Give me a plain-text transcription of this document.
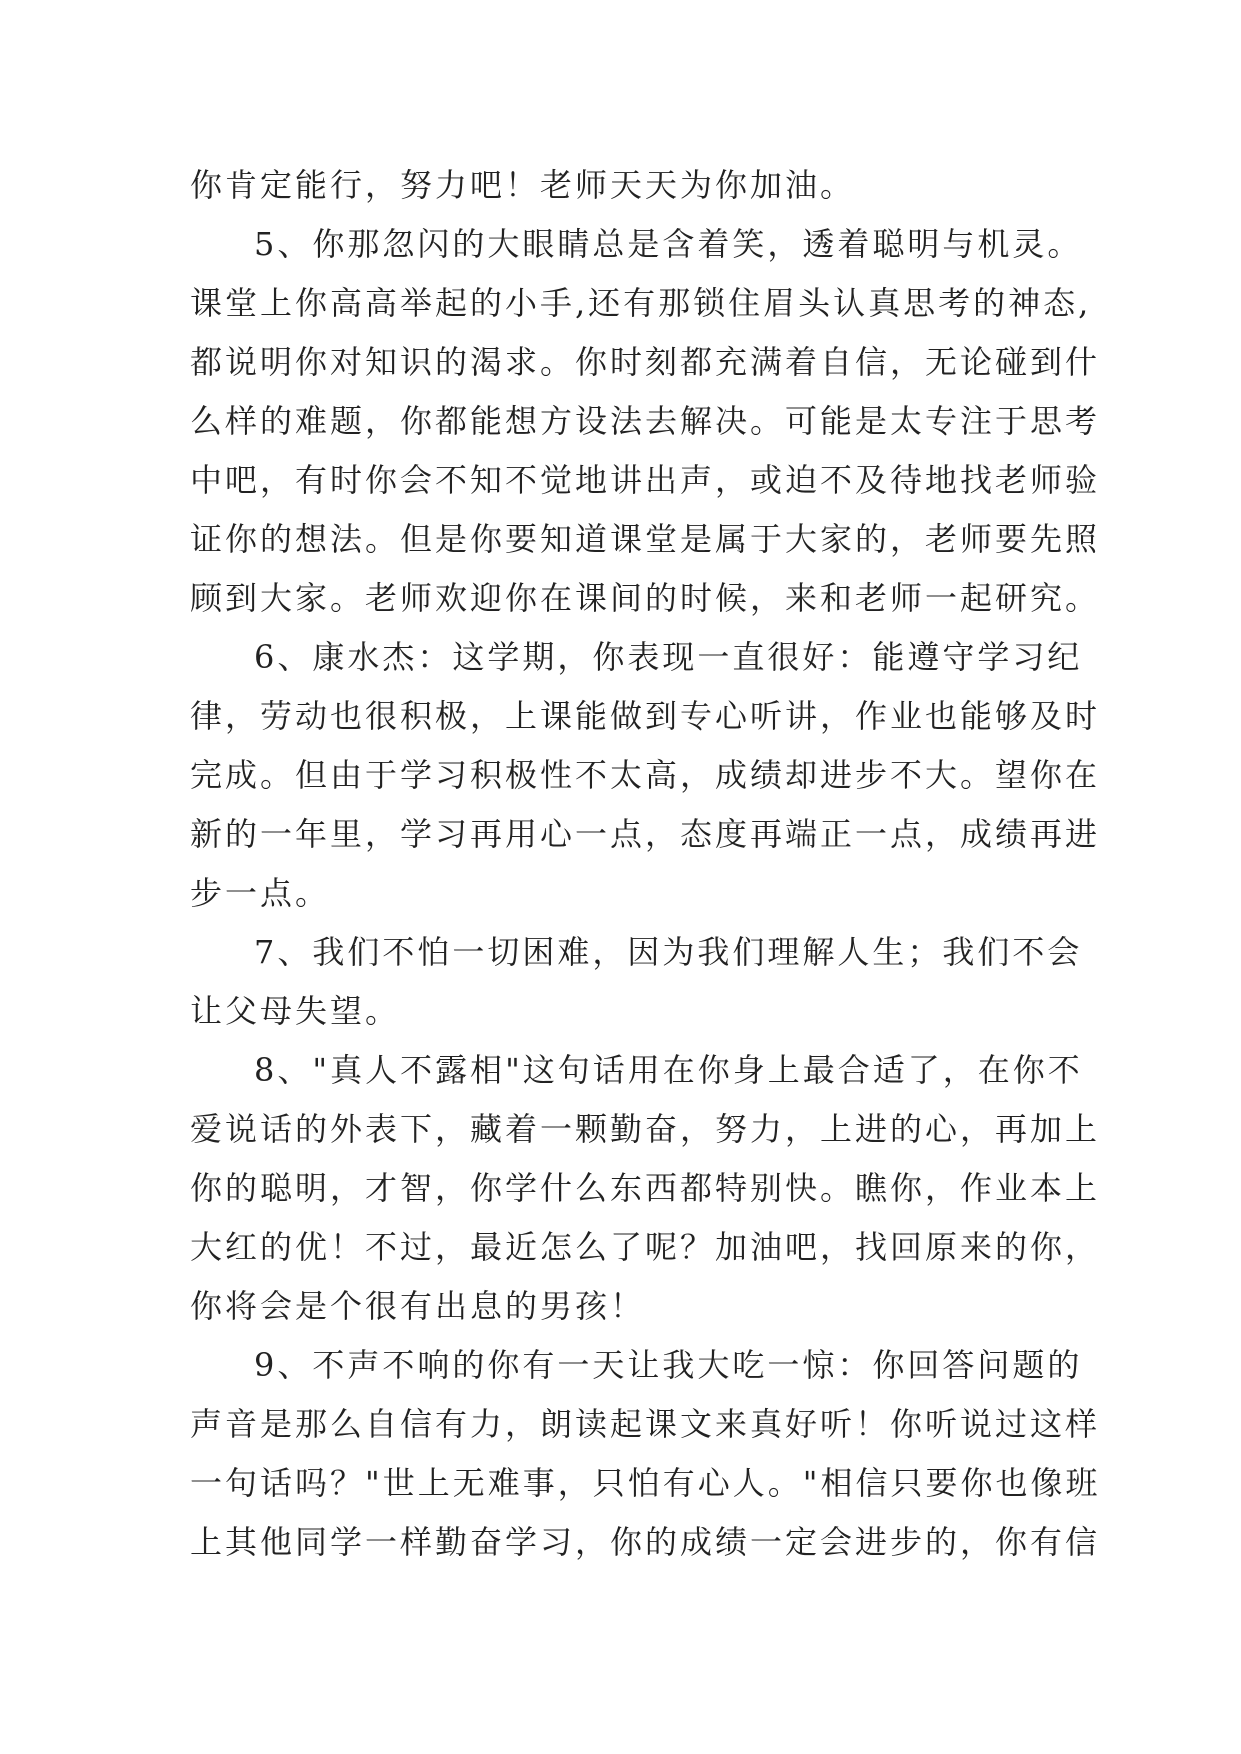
你肯定能行，努力吧！老师天天为你加油。
5、你那忽闪的大眼睛总是含着笑，透着聪明与机灵。
课堂上你高高举起的小手,还有那锁住眉头认真思考的神态,
都说明你对知识的渴求。你时刻都充满着自信，无论碰到什
么样的难题，你都能想方设法去解决。可能是太专注于思考
中吧，有时你会不知不觉地讲出声，或迫不及待地找老师验
证你的想法。但是你要知道课堂是属于大家的，老师要先照
顾到大家。老师欢迎你在课间的时候，来和老师一起研究。
6、康水杰：这学期，你表现一直很好：能遵守学习纪
律，劳动也很积极，上课能做到专心听讲，作业也能够及时
完成。但由于学习积极性不太高，成绩却进步不大。望你在
新的一年里，学习再用心一点，态度再端正一点，成绩再进
步一点。
7、我们不怕一切困难，因为我们理解人生；我们不会
让父母失望。
8、"真人不露相"这句话用在你身上最合适了，在你不
爱说话的外表下，藏着一颗勤奋，努力，上进的心，再加上
你的聪明，才智，你学什么东西都特别快。瞧你，作业本上
大红的优！不过，最近怎么了呢？加油吧，找回原来的你，
你将会是个很有出息的男孩！
9、不声不响的你有一天让我大吃一惊：你回答问题的
声音是那么自信有力，朗读起课文来真好听！你听说过这样
一句话吗？"世上无难事，只怕有心人。"相信只要你也像班
上其他同学一样勤奋学习，你的成绩一定会进步的，你有信
